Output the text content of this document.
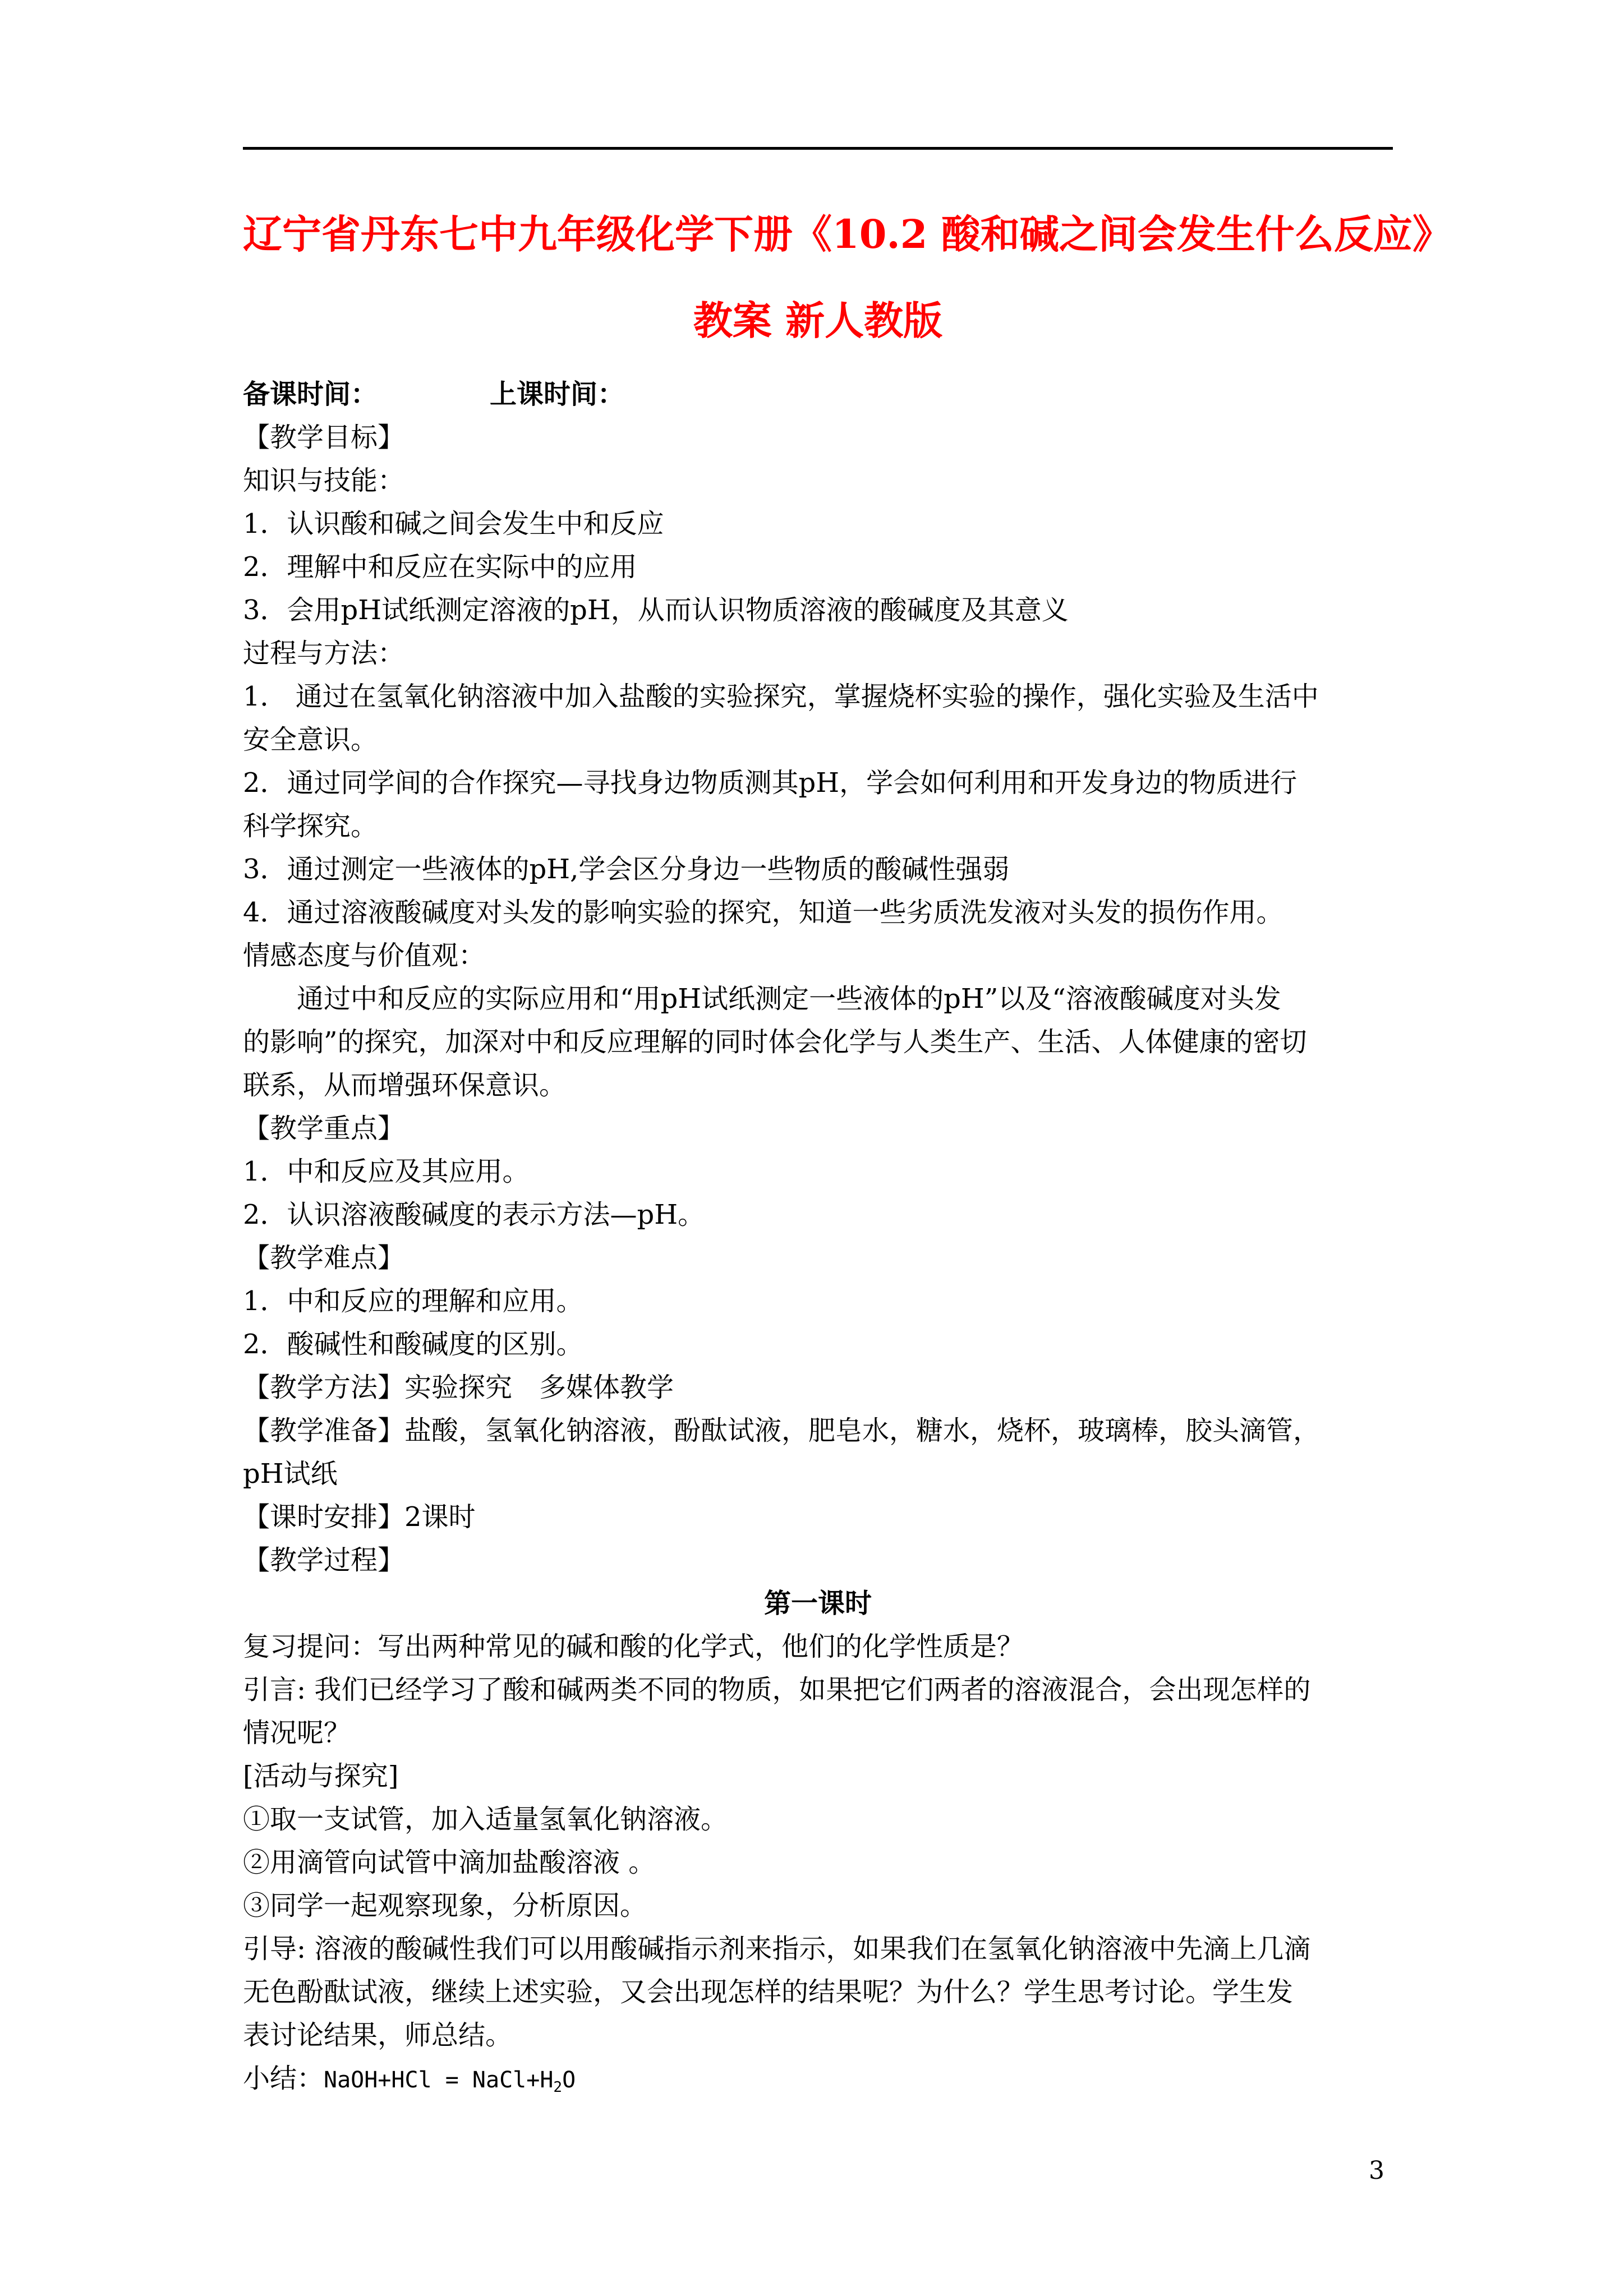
辽宁省丹东七中九年级化学下册《10.2 酸和碱之间会发生什么反应》
教案 新人教版
备课时间：	上课时间：
【教学目标】
知识与技能：
1．认识酸和碱之间会发生中和反应
2．理解中和反应在实际中的应用
3．会用pH试纸测定溶液的pH，从而认识物质溶液的酸碱度及其意义
过程与方法：
1． 通过在氢氧化钠溶液中加入盐酸的实验探究，掌握烧杯实验的操作，强化实验及生活中
安全意识。
2．通过同学间的合作探究—寻找身边物质测其pH，学会如何利用和开发身边的物质进行
科学探究。
3．通过测定一些液体的pH,学会区分身边一些物质的酸碱性强弱
4．通过溶液酸碱度对头发的影响实验的探究，知道一些劣质洗发液对头发的损伤作用。
情感态度与价值观：
通过中和反应的实际应用和“用pH试纸测定一些液体的pH”以及“溶液酸碱度对头发
的影响”的探究，加深对中和反应理解的同时体会化学与人类生产、生活、人体健康的密切
联系，从而增强环保意识。
【教学重点】
1．中和反应及其应用。
2．认识溶液酸碱度的表示方法—pH。
【教学难点】
1．中和反应的理解和应用。
2．酸碱性和酸碱度的区别。
【教学方法】实验探究　多媒体教学
【教学准备】盐酸，氢氧化钠溶液，酚酞试液，肥皂水，糖水，烧杯，玻璃棒，胶头滴管，
pH试纸
【课时安排】2课时
【教学过程】
第一课时
复习提问：写出两种常见的碱和酸的化学式，他们的化学性质是？
引言: 我们已经学习了酸和碱两类不同的物质，如果把它们两者的溶液混合，会出现怎样的
情况呢？
[活动与探究]
①取一支试管，加入适量氢氧化钠溶液。
②用滴管向试管中滴加盐酸溶液 。
③同学一起观察现象，分析原因。
引导: 溶液的酸碱性我们可以用酸碱指示剂来指示，如果我们在氢氧化钠溶液中先滴上几滴
无色酚酞试液，继续上述实验，又会出现怎样的结果呢？为什么？学生思考讨论。学生发
表讨论结果，师总结。
小结：NaOH+HCl = $NaCl+H_2O$
3
